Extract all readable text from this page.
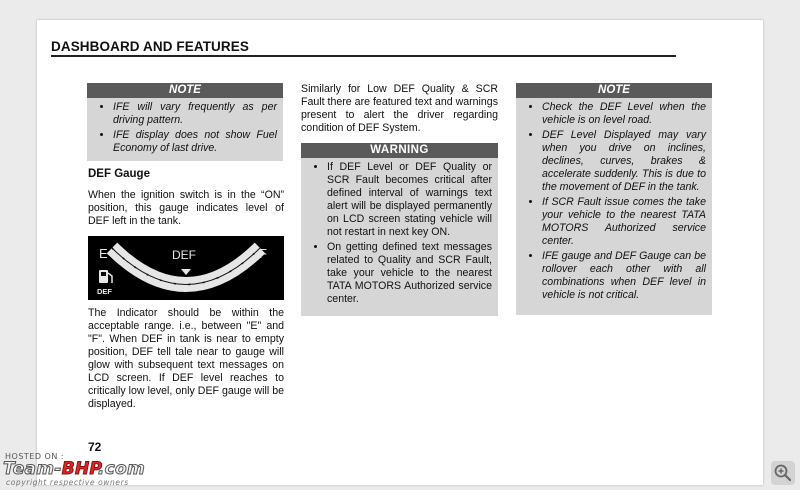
DASHBOARD AND FEATURES
NOTE
• IFE will vary frequently as per driving pattern.
• IFE display does not show Fuel Economy of last drive.
DEF Gauge
When the ignition switch is in the “ON” position, this gauge indicates level of DEF left in the tank.
E	F
DEF
DEF
The Indicator should be within the acceptable range. i.e., between "E" and "F". When DEF in tank is near to empty position, DEF tell tale near to gauge will glow with subsequent text messages on LCD screen. If DEF level reaches to critically low level, only DEF gauge will be displayed.
Similarly for Low DEF Quality & SCR Fault there are featured text and warnings present to alert the driver regarding condition of DEF System.
WARNING
• If DEF Level or DEF Quality or SCR Fault becomes critical after defined interval of warnings text alert will be displayed permanently on LCD screen stating vehicle will not restart in next key ON.
• On getting defined text messages related to Quality and SCR Fault, take your vehicle to the nearest TATA MOTORS Authorized service center.
NOTE
• Check the DEF Level when the vehicle is on level road.
• DEF Level Displayed may vary when you drive on inclines, declines, curves, brakes & accelerate suddenly. This is due to the movement of DEF in the tank.
• If SCR Fault issue comes the take your vehicle to the nearest TATA MOTORS Authorized service center.
• IFE gauge and DEF Gauge can be rollover each other with all combinations when DEF level in vehicle is not critical.
72
HOSTED ON :
Team-BHP.com
copyright respective owners
